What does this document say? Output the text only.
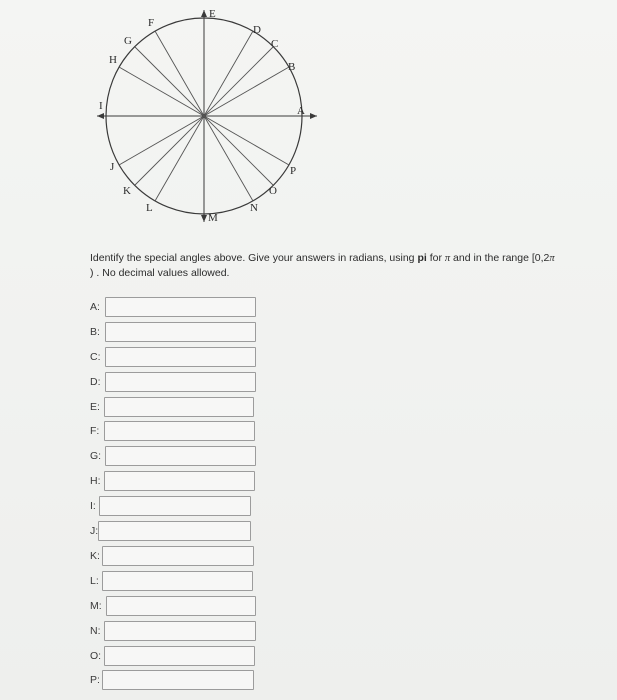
E
F
D
G	C
H
B
I	A
J	P
K	O
L	N
M
Identify the special angles above. Give your answers in radians, using pi for π and in the range [0,2π
) . No decimal values allowed.
A:
B:
C:
D:
E:
F:
G:
H:
I:
J:
K:
L:
M:
N:
O:
P:
